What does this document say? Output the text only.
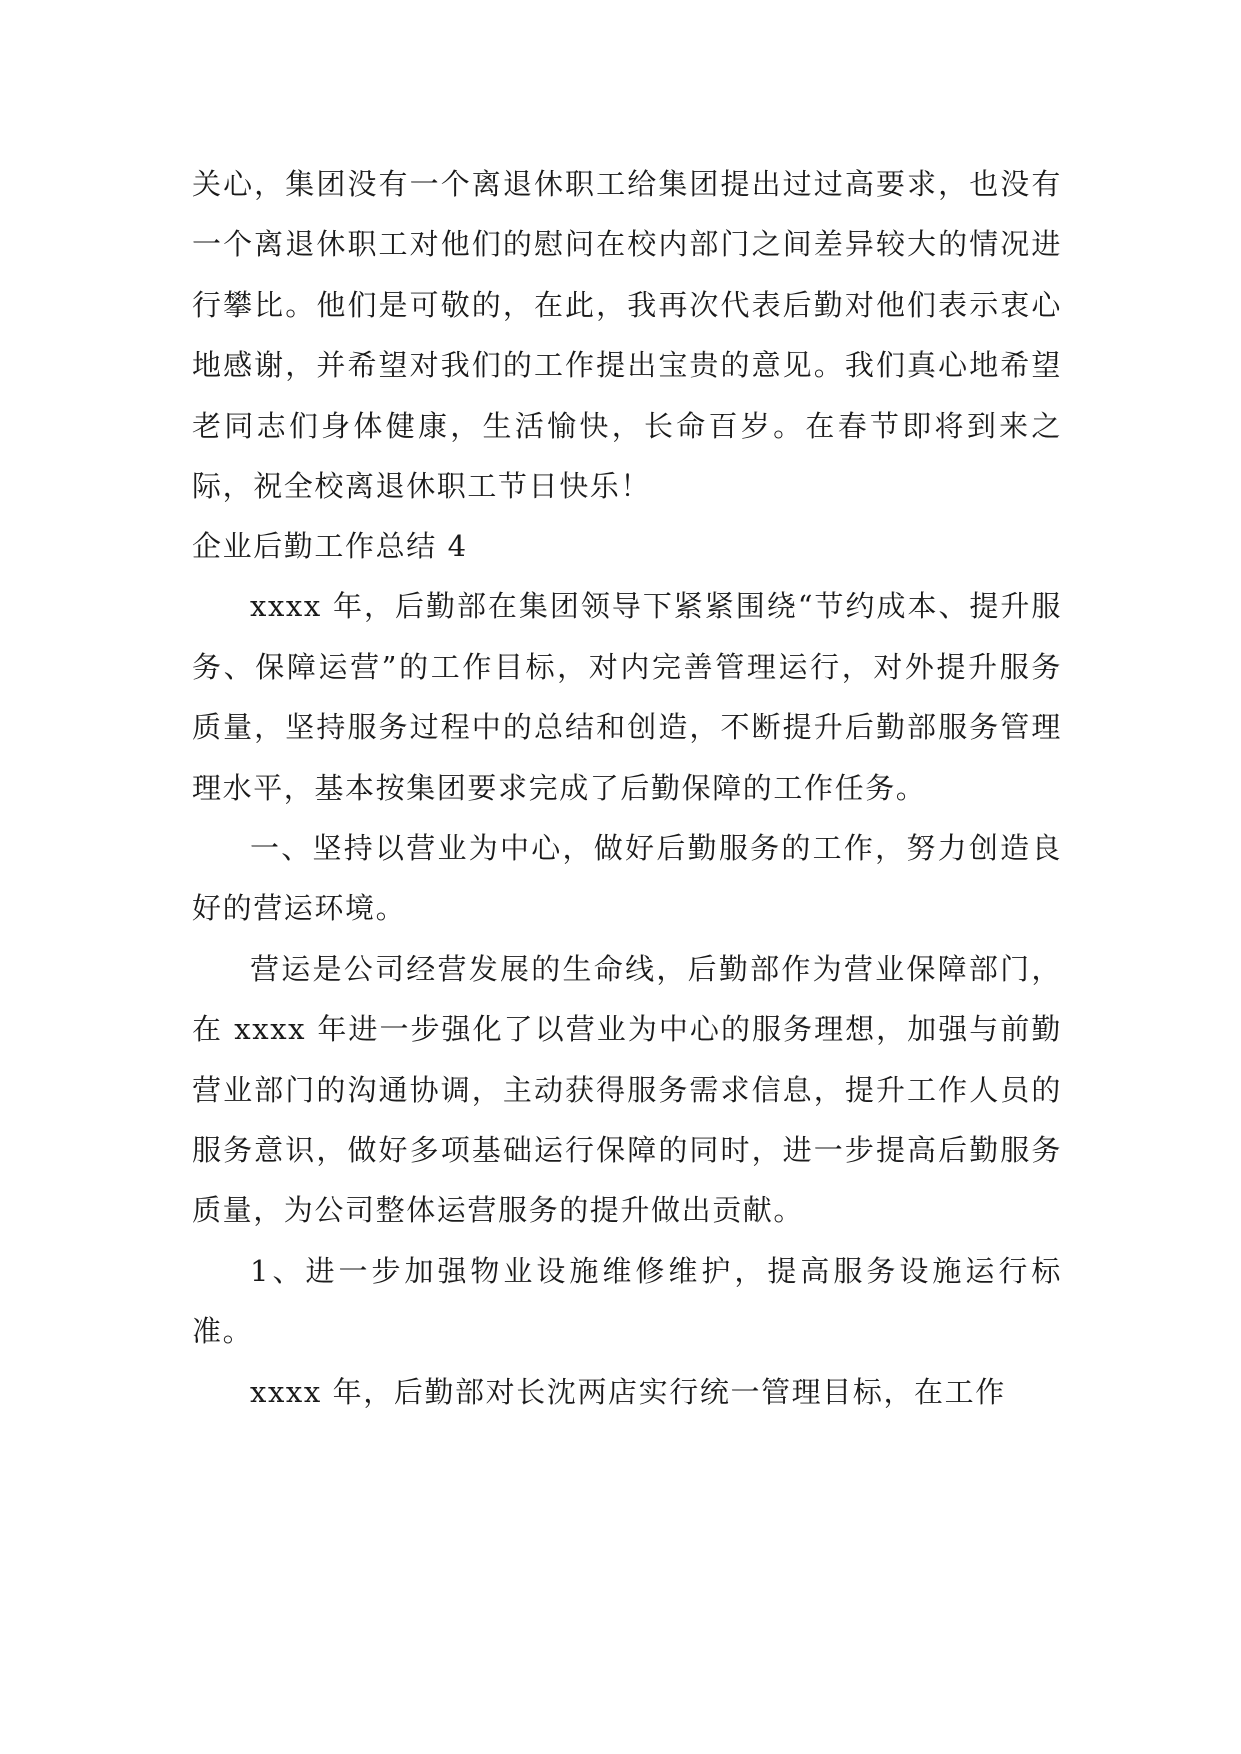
关心，集团没有一个离退休职工给集团提出过过高要求，也没有一个离退休职工对他们的慰问在校内部门之间差异较大的情况进行攀比。他们是可敬的，在此，我再次代表后勤对他们表示衷心地感谢，并希望对我们的工作提出宝贵的意见。我们真心地希望老同志们身体健康，生活愉快，长命百岁。在春节即将到来之际，祝全校离退休职工节日快乐！

企业后勤工作总结 4

xxxx 年，后勤部在集团领导下紧紧围绕“节约成本、提升服务、保障运营”的工作目标，对内完善管理运行，对外提升服务质量，坚持服务过程中的总结和创造，不断提升后勤部服务管理理水平，基本按集团要求完成了后勤保障的工作任务。

一、坚持以营业为中心，做好后勤服务的工作，努力创造良好的营运环境。

营运是公司经营发展的生命线，后勤部作为营业保障部门，在 xxxx 年进一步强化了以营业为中心的服务理想，加强与前勤营业部门的沟通协调，主动获得服务需求信息，提升工作人员的服务意识，做好多项基础运行保障的同时，进一步提高后勤服务质量，为公司整体运营服务的提升做出贡献。

1、进一步加强物业设施维修维护，提高服务设施运行标准。

xxxx 年，后勤部对长沈两店实行统一管理目标，在工作
